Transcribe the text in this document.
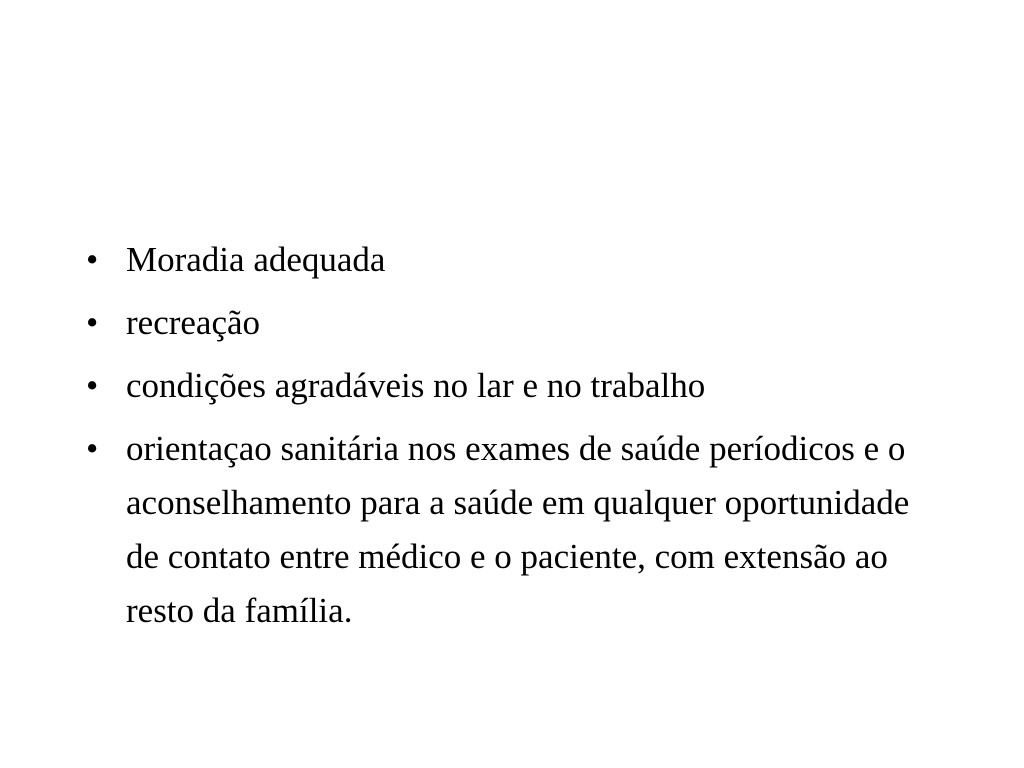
• Moradia adequada
• recreação
• condições agradáveis no lar e no trabalho
• orientaçao sanitária nos exames de saúde períodicos e o aconselhamento para a saúde em qualquer oportunidade de contato entre médico e o paciente, com extensão ao resto da família.
